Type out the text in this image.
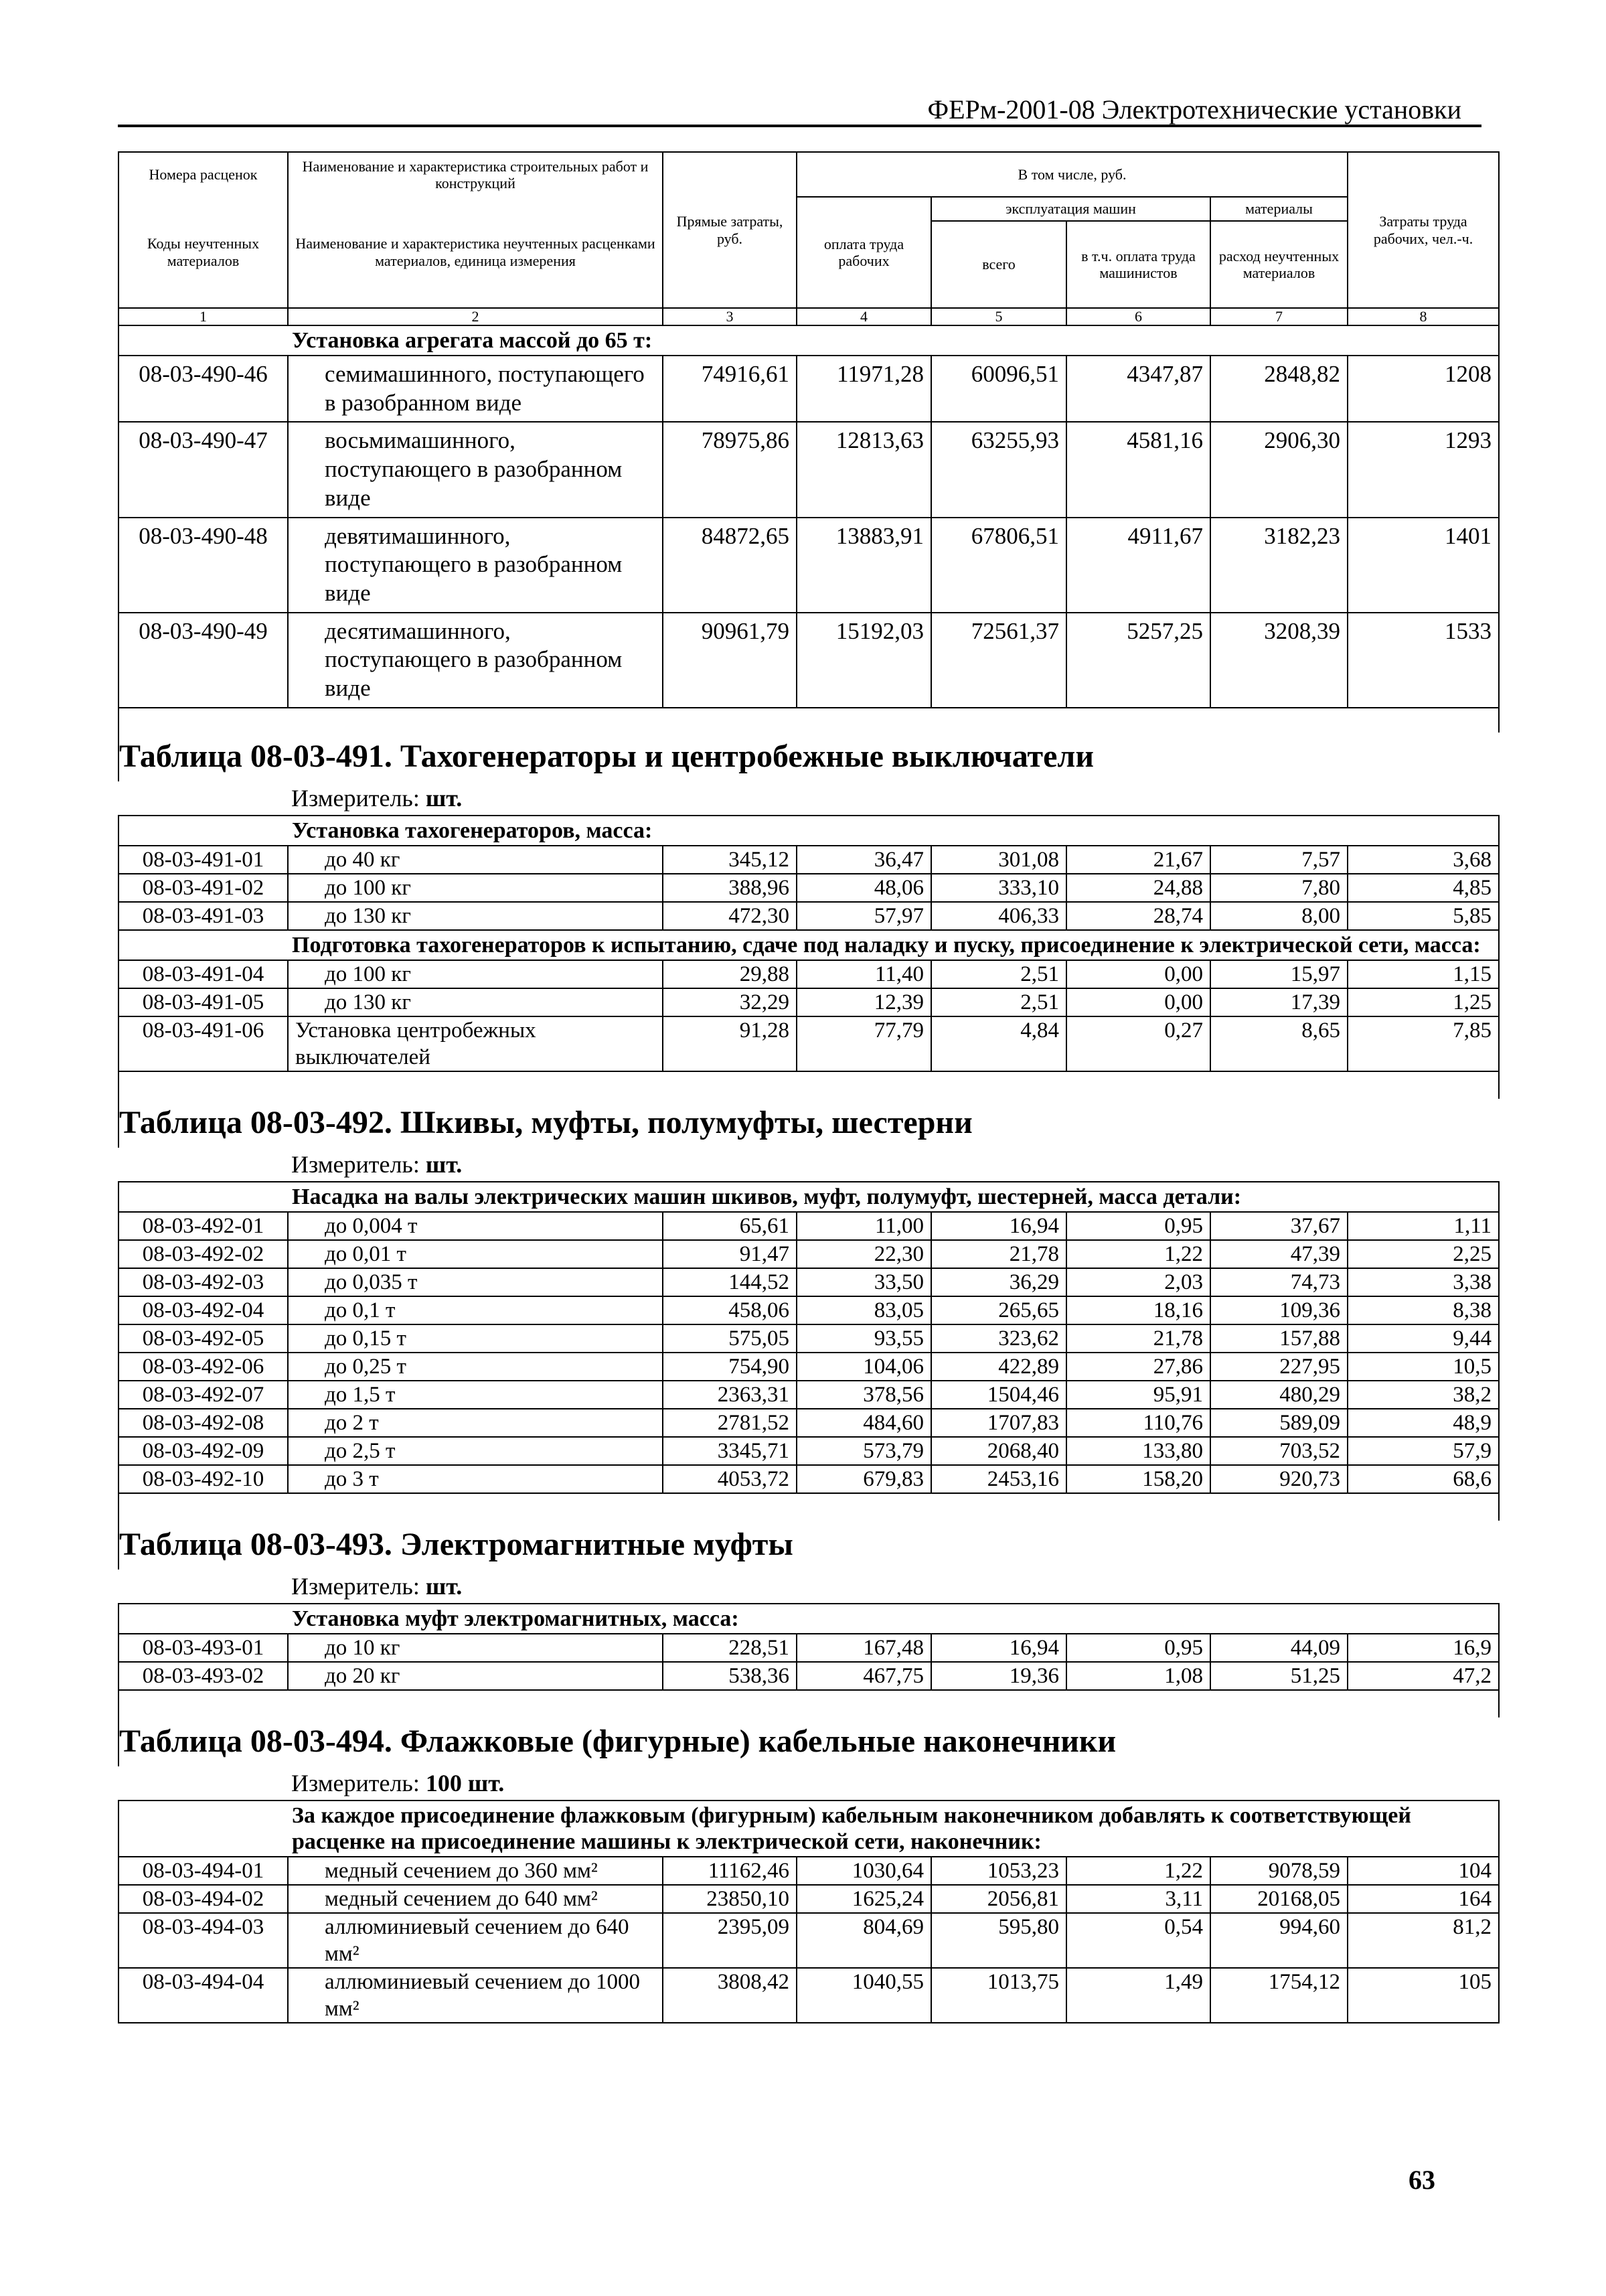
ФЕРм-2001-08 Электротехнические установки
Номера расценок	Наименование и характеристика строительных работ и конструкций	Прямые затраты, руб.	В том числе, руб.				Затраты труда рабочих, чел.-ч.
Коды неучтенных материалов	Наименование и характеристика неучтенных расценками материалов, единица измерения		оплата труда рабочих	эксплуатация машин		материалы	
				всего	в т.ч. оплата труда машинистов	расход неучтенных материалов	

1	2	3	4	5	6	7	8
	Установка агрегата массой до 65 т:						
08-03-490-46	семимашинного, поступающего в разобранном виде	74916,61	11971,28	60096,51	4347,87	2848,82	1208
08-03-490-47	восьмимашинного, поступающего в разобранном виде	78975,86	12813,63	63255,93	4581,16	2906,30	1293
08-03-490-48	девятимашинного, поступающего в разобранном виде	84872,65	13883,91	67806,51	4911,67	3182,23	1401
08-03-490-49	десятимашинного, поступающего в разобранном виде	90961,79	15192,03	72561,37	5257,25	3208,39	1533

Таблица 08-03-491. Тахогенераторы и центробежные выключатели							
Измеритель: шт.							
	Установка тахогенераторов, масса:						
08-03-491-01	до 40 кг	345,12	36,47	301,08	21,67	7,57	3,68
08-03-491-02	до 100 кг	388,96	48,06	333,10	24,88	7,80	4,85
08-03-491-03	до 130 кг	472,30	57,97	406,33	28,74	8,00	5,85
	Подготовка тахогенераторов к испытанию, сдаче под наладку и пуску, присоединение к электрической сети, масса:						
08-03-491-04	до 100 кг	29,88	11,40	2,51	0,00	15,97	1,15
08-03-491-05	до 130 кг	32,29	12,39	2,51	0,00	17,39	1,25
08-03-491-06	Установка центробежных выключателей	91,28	77,79	4,84	0,27	8,65	7,85

Таблица 08-03-492. Шкивы, муфты, полумуфты, шестерни							
Измеритель: шт.							
	Насадка на валы электрических машин шкивов, муфт, полумуфт, шестерней, масса детали:						
08-03-492-01	до 0,004 т	65,61	11,00	16,94	0,95	37,67	1,11
08-03-492-02	до 0,01 т	91,47	22,30	21,78	1,22	47,39	2,25
08-03-492-03	до 0,035 т	144,52	33,50	36,29	2,03	74,73	3,38
08-03-492-04	до 0,1 т	458,06	83,05	265,65	18,16	109,36	8,38
08-03-492-05	до 0,15 т	575,05	93,55	323,62	21,78	157,88	9,44
08-03-492-06	до 0,25 т	754,90	104,06	422,89	27,86	227,95	10,5
08-03-492-07	до 1,5 т	2363,31	378,56	1504,46	95,91	480,29	38,2
08-03-492-08	до 2 т	2781,52	484,60	1707,83	110,76	589,09	48,9
08-03-492-09	до 2,5 т	3345,71	573,79	2068,40	133,80	703,52	57,9
08-03-492-10	до 3 т	4053,72	679,83	2453,16	158,20	920,73	68,6

Таблица 08-03-493. Электромагнитные муфты							
Измеритель: шт.							
	Установка муфт электромагнитных, масса:						
08-03-493-01	до 10 кг	228,51	167,48	16,94	0,95	44,09	16,9
08-03-493-02	до 20 кг	538,36	467,75	19,36	1,08	51,25	47,2

Таблица 08-03-494. Флажковые (фигурные) кабельные наконечники							
Измеритель: 100 шт.							
	За каждое присоединение флажковым (фигурным) кабельным наконечником добавлять к соответствующей расценке на присоединение машины к электрической сети, наконечник:						
08-03-494-01	медный сечением до 360 мм²	11162,46	1030,64	1053,23	1,22	9078,59	104
08-03-494-02	медный сечением до 640 мм²	23850,10	1625,24	2056,81	3,11	20168,05	164
08-03-494-03	аллюминиевый сечением до 640 мм²	2395,09	804,69	595,80	0,54	994,60	81,2
08-03-494-04	аллюминиевый сечением до 1000 мм²	3808,42	1040,55	1013,75	1,49	1754,12	105
63
